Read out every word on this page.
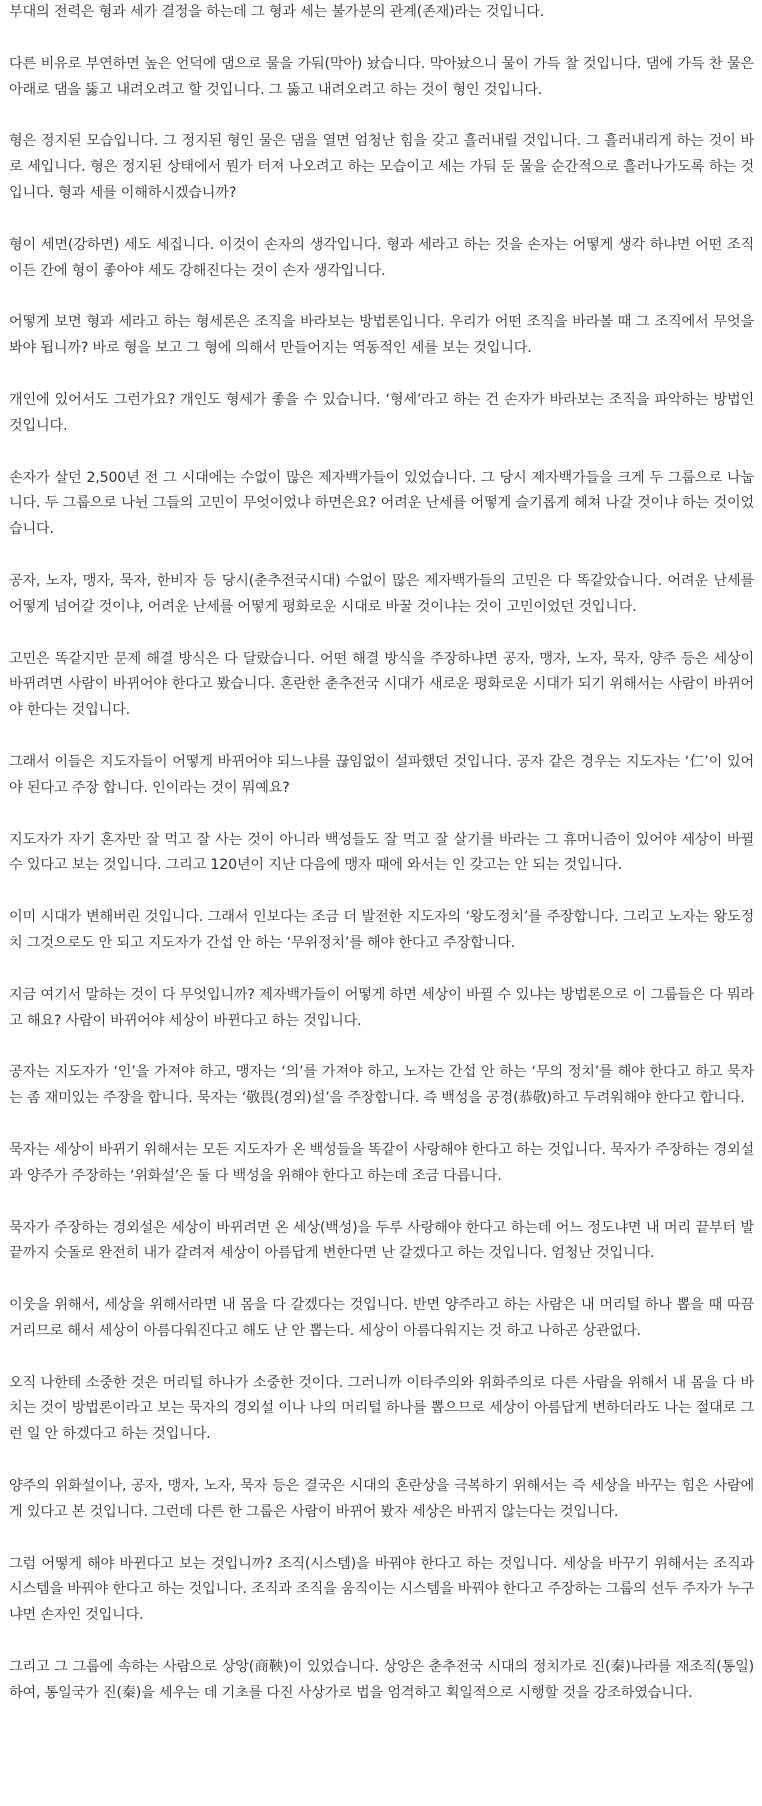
부대의 전력은 형과 세가 결정을 하는데 그 형과 세는 불가분의 관계(존재)라는 것입니다.

다른 비유로 부연하면 높은 언덕에 댐으로 물을 가둬(막아) 놨습니다. 막아놨으니 물이 가득 찰 것입니다. 댐에 가득 찬 물은 아래로 댐을 뚫고 내려오려고 할 것입니다. 그 뚫고 내려오려고 하는 것이 형인 것입니다.

형은 정지된 모습입니다. 그 정지된 형인 물은 댐을 열면 엄청난 힘을 갖고 흘러내릴 것입니다. 그 흘러내리게 하는 것이 바로 세입니다. 형은 정지된 상태에서 뭔가 터져 나오려고 하는 모습이고 세는 가둬 둔 물을 순간적으로 흘러나가도록 하는 것입니다. 형과 세를 이해하시겠습니까?

형이 세면(강하면) 세도 세집니다. 이것이 손자의 생각입니다. 형과 세라고 하는 것을 손자는 어떻게 생각 하냐면 어떤 조직이든 간에 형이 좋아야 세도 강해진다는 것이 손자 생각입니다.

어떻게 보면 형과 세라고 하는 형세론은 조직을 바라보는 방법론입니다. 우리가 어떤 조직을 바라볼 때 그 조직에서 무엇을 봐야 됩니까? 바로 형을 보고 그 형에 의해서 만들어지는 역동적인 세를 보는 것입니다.

개인에 있어서도 그런가요? 개인도 형세가 좋을 수 있습니다. ‘형세’라고 하는 건 손자가 바라보는 조직을 파악하는 방법인 것입니다.

손자가 살던 2,500년 전 그 시대에는 수없이 많은 제자백가들이 있었습니다. 그 당시 제자백가들을 크게 두 그룹으로 나눕니다. 두 그룹으로 나뉜 그들의 고민이 무엇이었냐 하면은요? 어려운 난세를 어떻게 슬기롭게 헤쳐 나갈 것이냐 하는 것이었습니다.

공자, 노자, 맹자, 묵자, 한비자 등 당시(춘추전국시대) 수없이 많은 제자백가들의 고민은 다 똑같았습니다. 어려운 난세를 어떻게 넘어갈 것이냐, 어려운 난세를 어떻게 평화로운 시대로 바꿀 것이냐는 것이 고민이었던 것입니다.

고민은 똑같지만 문제 해결 방식은 다 달랐습니다. 어떤 해결 방식을 주장하냐면 공자, 맹자, 노자, 묵자, 양주 등은 세상이 바뀌려면 사람이 바뀌어야 한다고 봤습니다. 혼란한 춘추전국 시대가 새로운 평화로운 시대가 되기 위해서는 사람이 바뀌어야 한다는 것입니다.

그래서 이들은 지도자들이 어떻게 바뀌어야 되느냐를 끊임없이 설파했던 것입니다. 공자 같은 경우는 지도자는 ‘仁’이 있어야 된다고 주장 합니다. 인이라는 것이 뭐예요?

지도자가 자기 혼자만 잘 먹고 잘 사는 것이 아니라 백성들도 잘 먹고 잘 살기를 바라는 그 휴머니즘이 있어야 세상이 바뀔 수 있다고 보는 것입니다. 그리고 120년이 지난 다음에 맹자 때에 와서는 인 갖고는 안 되는 것입니다.

이미 시대가 변해버린 것입니다. 그래서 인보다는 조금 더 발전한 지도자의 ‘왕도정치’를 주장합니다. 그리고 노자는 왕도정치 그것으로도 안 되고 지도자가 간섭 안 하는 ‘무위정치’를 해야 한다고 주장합니다.

지금 여기서 말하는 것이 다 무엇입니까? 제자백가들이 어떻게 하면 세상이 바뀔 수 있냐는 방법론으로 이 그룹들은 다 뭐라고 해요? 사람이 바뀌어야 세상이 바뀐다고 하는 것입니다.

공자는 지도자가 ‘인’을 가져야 하고, 맹자는 ‘의’를 가져야 하고, 노자는 간섭 안 하는 ‘무의 정치’를 해야 한다고 하고 묵자는 좀 재미있는 주장을 합니다. 묵자는 ‘敬畏(경외)설’을 주장합니다. 즉 백성을 공경(恭敬)하고 두려워해야 한다고 합니다.

묵자는 세상이 바뀌기 위해서는 모든 지도자가 온 백성들을 똑같이 사랑해야 한다고 하는 것입니다. 묵자가 주장하는 경외설과 양주가 주장하는 ‘위화설’은 둘 다 백성을 위해야 한다고 하는데 조금 다릅니다.

묵자가 주장하는 경외설은 세상이 바뀌려면 온 세상(백성)을 두루 사랑해야 한다고 하는데 어느 정도냐면 내 머리 끝부터 발끝까지 숫돌로 완전히 내가 갈려져 세상이 아름답게 변한다면 난 갈겠다고 하는 것입니다. 엄청난 것입니다.

이웃을 위해서, 세상을 위해서라면 내 몸을 다 갈겠다는 것입니다. 반면 양주라고 하는 사람은 내 머리털 하나 뽑을 때 따끔거리므로 해서 세상이 아름다워진다고 해도 난 안 뽑는다. 세상이 아름다워지는 것 하고 나하곤 상관없다.

오직 나한테 소중한 것은 머리털 하나가 소중한 것이다. 그러니까 이타주의와 위화주의로 다른 사람을 위해서 내 몸을 다 바치는 것이 방법론이라고 보는 묵자의 경외설 이나 나의 머리털 하나를 뽑으므로 세상이 아름답게 변하더라도 나는 절대로 그런 일 안 하겠다고 하는 것입니다.

양주의 위화설이나, 공자, 맹자, 노자, 묵자 등은 결국은 시대의 혼란상을 극복하기 위해서는 즉 세상을 바꾸는 힘은 사람에게 있다고 본 것입니다. 그런데 다른 한 그룹은 사람이 바뀌어 봤자 세상은 바뀌지 않는다는 것입니다.

그럼 어떻게 해야 바뀐다고 보는 것입니까? 조직(시스템)을 바꿔야 한다고 하는 것입니다. 세상을 바꾸기 위해서는 조직과 시스템을 바꿔야 한다고 하는 것입니다. 조직과 조직을 움직이는 시스템을 바꿔야 한다고 주장하는 그룹의 선두 주자가 누구냐면 손자인 것입니다.

그리고 그 그룹에 속하는 사람으로 상앙(商鞅)이 있었습니다. 상앙은 춘추전국 시대의 정치가로 진(秦)나라를 재조직(통일)하여, 통일국가 진(秦)을 세우는 데 기초를 다진 사상가로 법을 엄격하고 획일적으로 시행할 것을 강조하였습니다.
